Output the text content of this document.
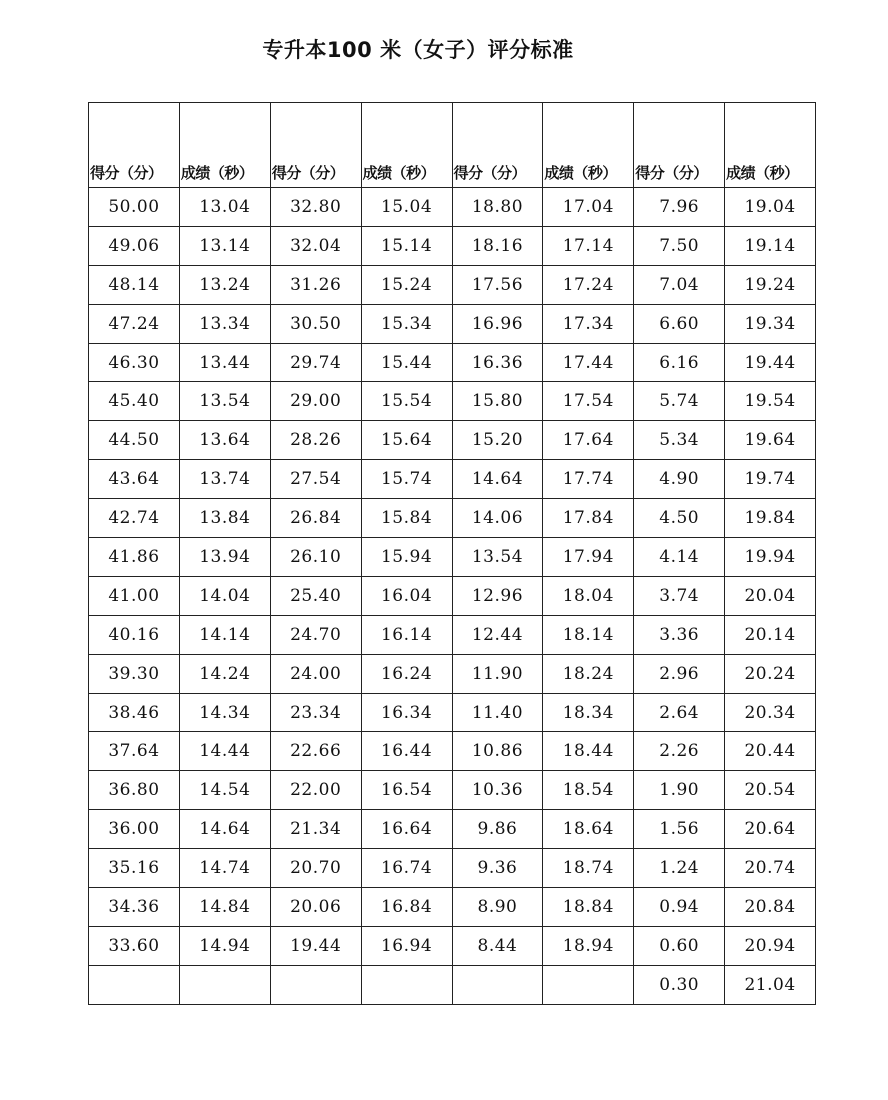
专升本100 米（女子）评分标准
得分（分）	成绩（秒）	得分（分）	成绩（秒）	得分（分）	成绩（秒）	得分（分）	成绩（秒）
50.00	13.04	32.80	15.04	18.80	17.04	7.96	19.04
49.06	13.14	32.04	15.14	18.16	17.14	7.50	19.14
48.14	13.24	31.26	15.24	17.56	17.24	7.04	19.24
47.24	13.34	30.50	15.34	16.96	17.34	6.60	19.34
46.30	13.44	29.74	15.44	16.36	17.44	6.16	19.44
45.40	13.54	29.00	15.54	15.80	17.54	5.74	19.54
44.50	13.64	28.26	15.64	15.20	17.64	5.34	19.64
43.64	13.74	27.54	15.74	14.64	17.74	4.90	19.74
42.74	13.84	26.84	15.84	14.06	17.84	4.50	19.84
41.86	13.94	26.10	15.94	13.54	17.94	4.14	19.94
41.00	14.04	25.40	16.04	12.96	18.04	3.74	20.04
40.16	14.14	24.70	16.14	12.44	18.14	3.36	20.14
39.30	14.24	24.00	16.24	11.90	18.24	2.96	20.24
38.46	14.34	23.34	16.34	11.40	18.34	2.64	20.34
37.64	14.44	22.66	16.44	10.86	18.44	2.26	20.44
36.80	14.54	22.00	16.54	10.36	18.54	1.90	20.54
36.00	14.64	21.34	16.64	9.86	18.64	1.56	20.64
35.16	14.74	20.70	16.74	9.36	18.74	1.24	20.74
34.36	14.84	20.06	16.84	8.90	18.84	0.94	20.84
33.60	14.94	19.44	16.94	8.44	18.94	0.60	20.94
						0.30	21.04
